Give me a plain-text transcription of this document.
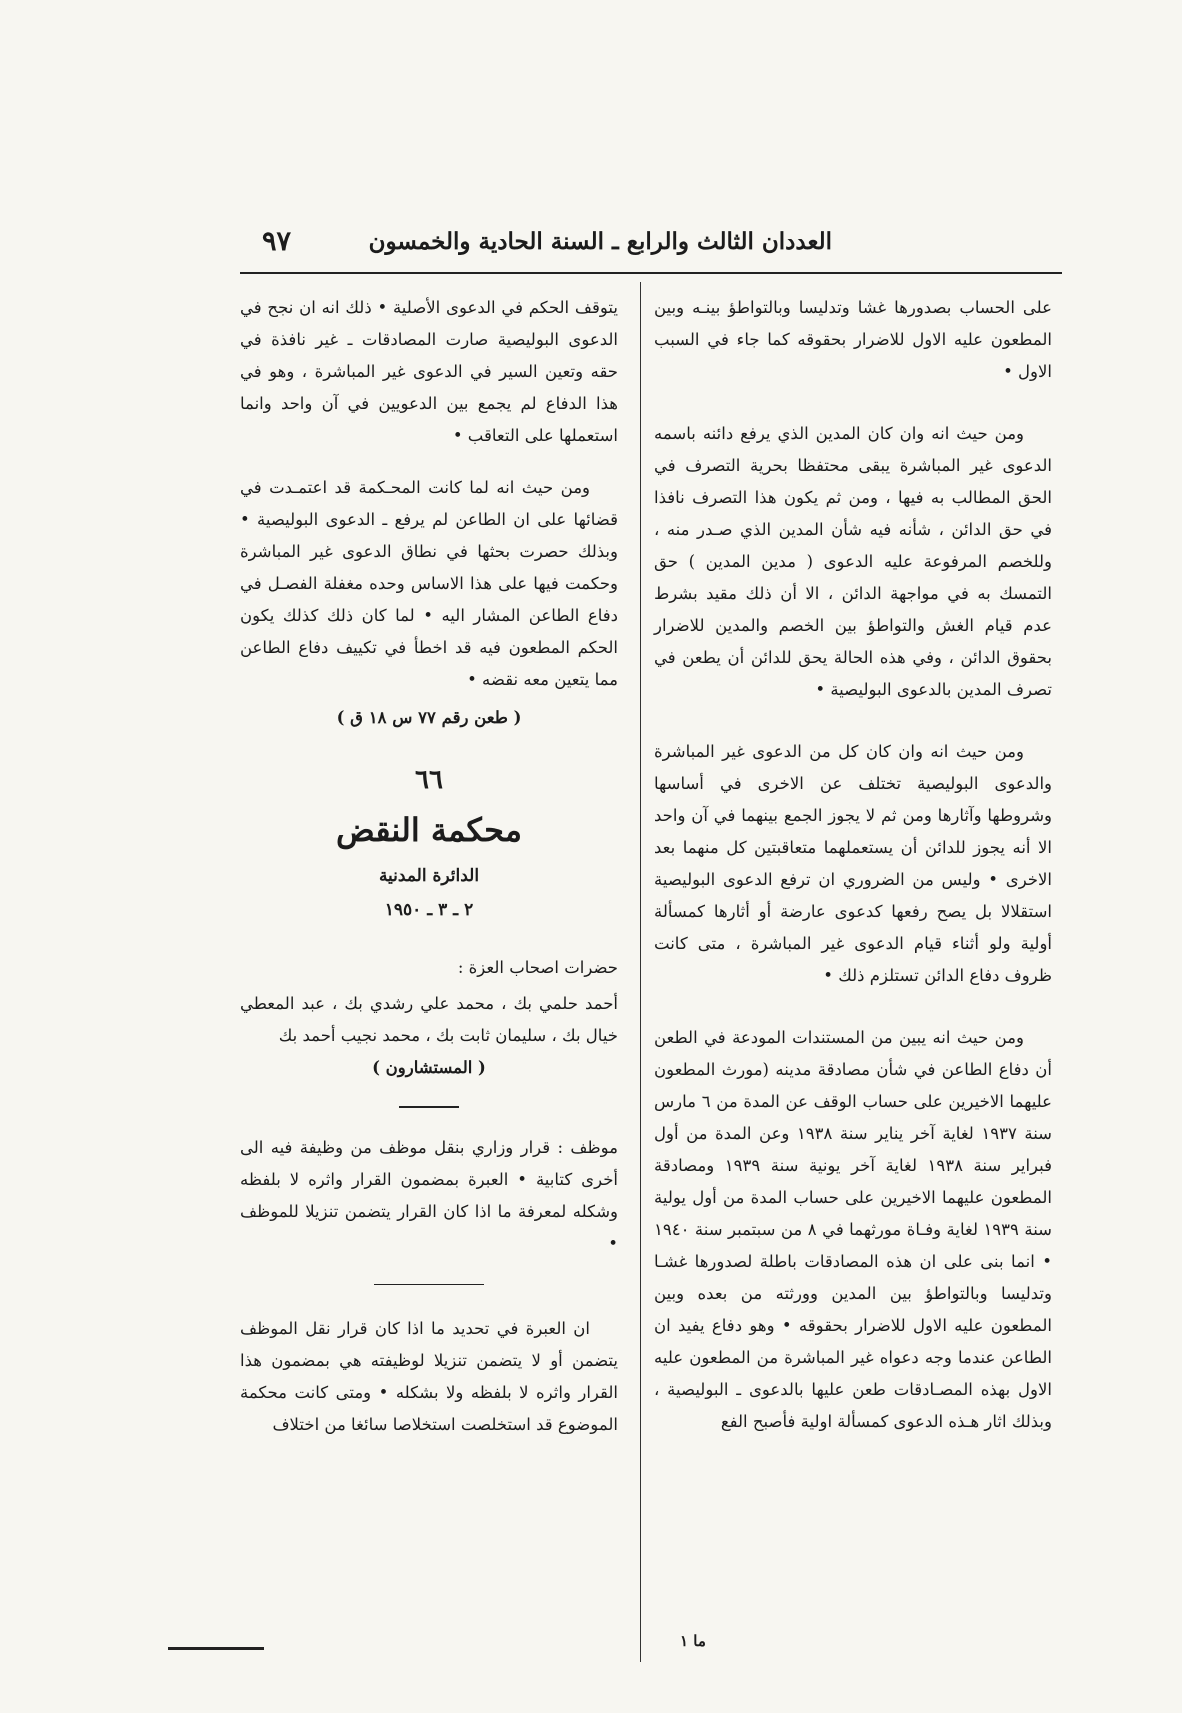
العددان الثالث والرابع ـ السنة الحادية والخمسون
٩٧

على الحساب بصدورها غشا وتدليسا وبالتواطؤ بينـه وبين المطعون عليه الاول للاضرار بحقوقه كما جاء في السبب الاول •

ومن حيث انه وان كان المدين الذي يرفع دائنه باسمه الدعوى غير المباشرة يبقى محتفظا بحرية التصرف في الحق المطالب به فيها ، ومن ثم يكون هذا التصرف نافذا في حق الدائن ، شأنه فيه شأن المدين الذي صـدر منه ، وللخصم المرفوعة عليه الدعوى ( مدين المدين ) حق التمسك به في مواجهة الدائن ، الا أن ذلك مقيد بشرط عدم قيام الغش والتواطؤ بين الخصم والمدين للاضرار بحقوق الدائن ، وفي هذه الحالة يحق للدائن أن يطعن في تصرف المدين بالدعوى البوليصية •

ومن حيث انه وان كان كل من الدعوى غير المباشرة والدعوى البوليصية تختلف عن الاخرى في أساسها وشروطها وآثارها ومن ثم لا يجوز الجمع بينهما في آن واحد الا أنه يجوز للدائن أن يستعملهما متعاقبتين كل منهما بعد الاخرى • وليس من الضروري ان ترفع الدعوى البوليصية استقلالا بل يصح رفعها كدعوى عارضة أو أثارها كمسألة أولية ولو أثناء قيام الدعوى غير المباشرة ، متى كانت ظروف دفاع الدائن تستلزم ذلك •

ومن حيث انه يبين من المستندات المودعة في الطعن أن دفاع الطاعن في شأن مصادقة مدينه (مورث المطعون عليهما الاخيرين على حساب الوقف عن المدة من ٦ مارس سنة ١٩٣٧ لغاية آخر يناير سنة ١٩٣٨ وعن المدة من أول فبراير سنة ١٩٣٨ لغاية آخر يونية سنة ١٩٣٩ ومصادقة المطعون عليهما الاخيرين على حساب المدة من أول يولية سنة ١٩٣٩ لغاية وفـاة مورثهما في ٨ من سبتمبر سنة ١٩٤٠ • انما بنى على ان هذه المصادقات باطلة لصدورها غشـا وتدليسا وبالتواطؤ بين المدين وورثته من بعده وبين المطعون عليه الاول للاضرار بحقوقه • وهو دفاع يفيد ان الطاعن عندما وجه دعواه غير المباشرة من المطعون عليه الاول بهذه المصـادقات طعن عليها بالدعوى ـ البوليصية ، وبذلك اثار هـذه الدعوى كمسألة اولية فأصبح الفع

يتوقف الحكم في الدعوى الأصلية • ذلك انه ان نجح في الدعوى البوليصية صارت المصادقات ـ غير نافذة في حقه وتعين السير في الدعوى غير المباشرة ، وهو في هذا الدفاع لم يجمع بين الدعويين في آن واحد وانما استعملها على التعاقب •

ومن حيث انه لما كانت المحـكمة قد اعتمـدت في قضائها على ان الطاعن لم يرفع ـ الدعوى البوليصية • وبذلك حصرت بحثها في نطاق الدعوى غير المباشرة وحكمت فيها على هذا الاساس وحده مغفلة الفصـل في دفاع الطاعن المشار اليه • لما كان ذلك كذلك يكون الحكم المطعون فيه قد اخطأ في تكييف دفاع الطاعن مما يتعين معه نقضه •

( طعن رقم ٧٧ س ١٨ ق )

٦٦

محكمة النقض

الدائرة المدنية

٢ ـ ٣ ـ ١٩٥٠

حضرات اصحاب العزة :

أحمد حلمي بك ، محمد علي رشدي بك ، عبد المعطي خيال بك ، سليمان ثابت بك ، محمد نجيب أحمد بك

( المستشارون )

موظف : قرار وزاري بنقل موظف من وظيفة فيه الى أخرى كتابية • العبرة بمضمون القرار واثره لا بلفظه وشكله لمعرفة ما اذا كان القرار يتضمن تنزيلا للموظف •

ان العبرة في تحديد ما اذا كان قرار نقل الموظف يتضمن أو لا يتضمن تنزيلا لوظيفته هي بمضمون هذا القرار واثره لا بلفظه ولا بشكله • ومتى كانت محكمة الموضوع قد استخلصت استخلاصا سائغا من اختلاف

ما ١
